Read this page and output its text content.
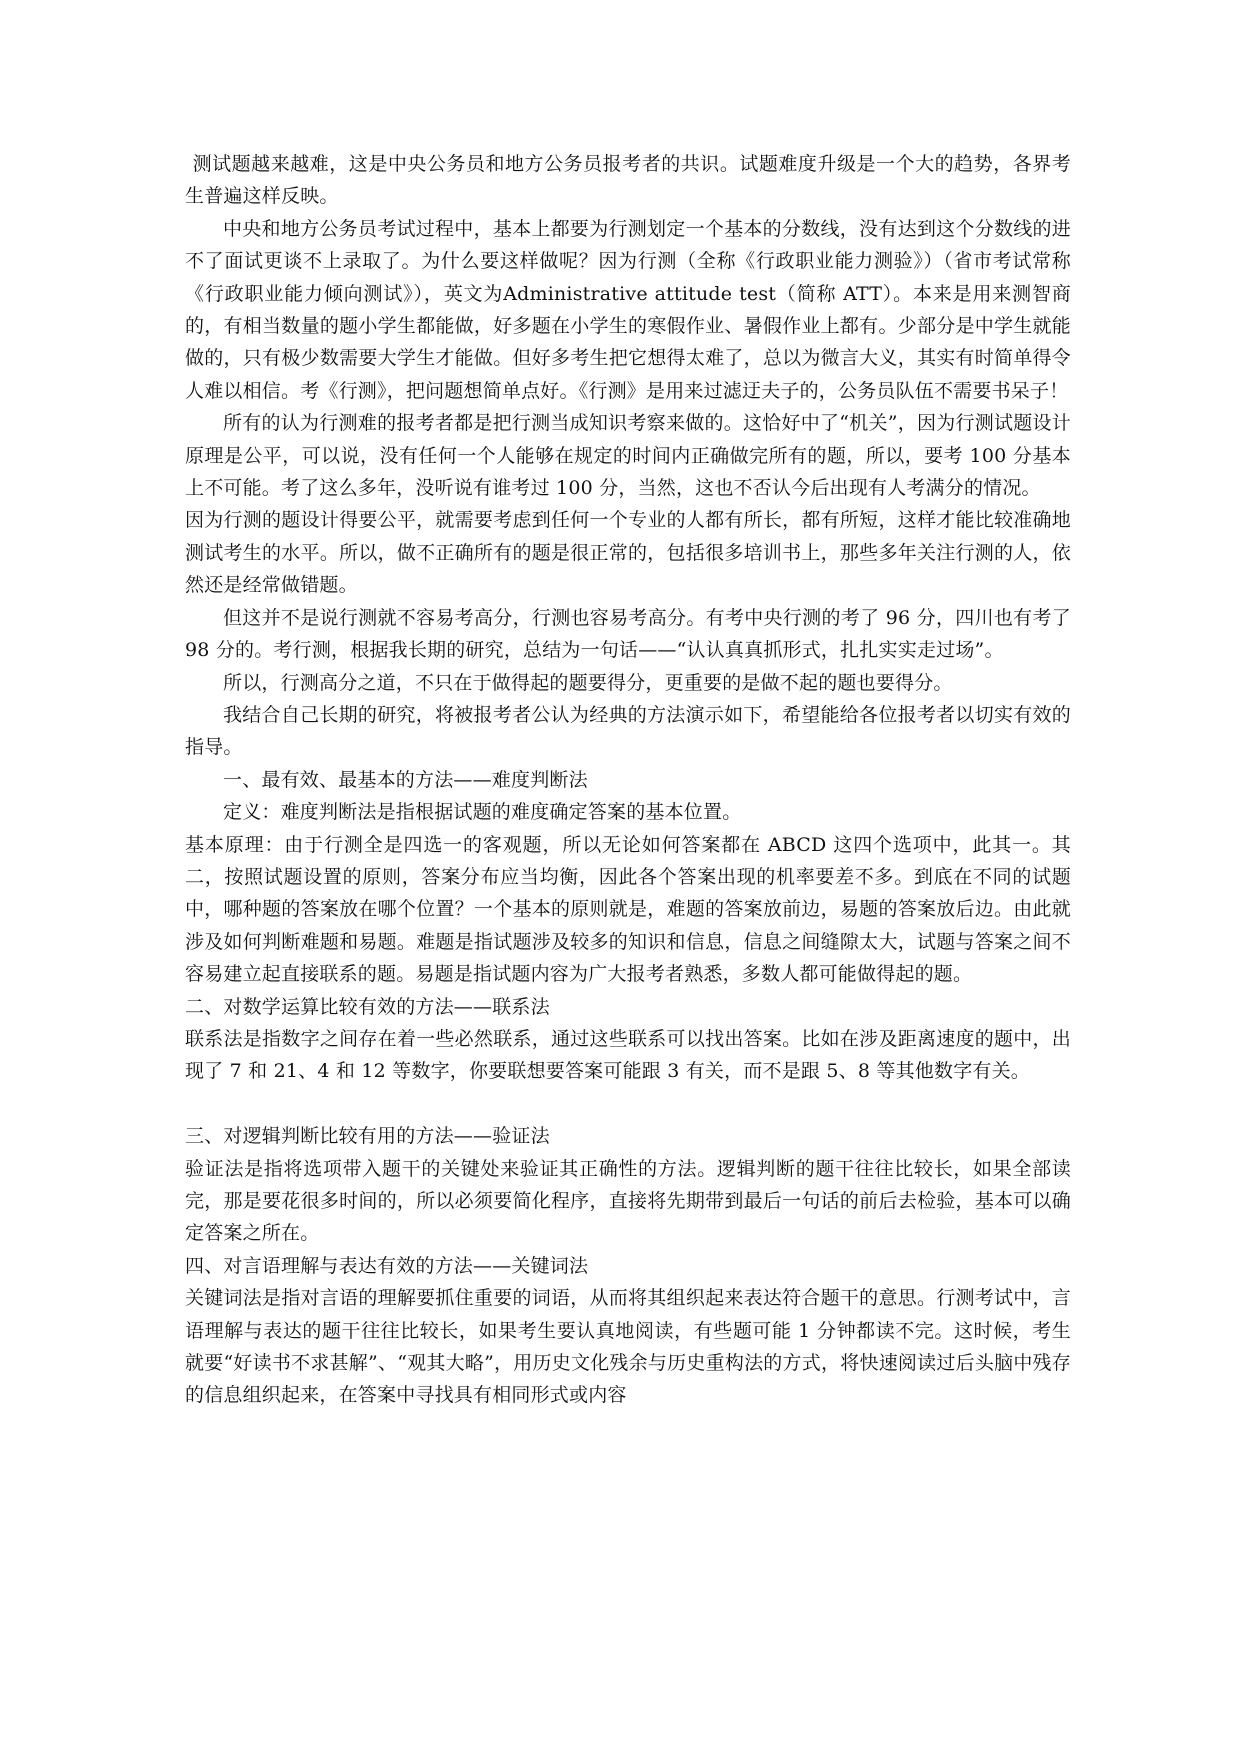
测试题越来越难，这是中央公务员和地方公务员报考者的共识。试题难度升级是一个大的趋势，各界考生普遍这样反映。

中央和地方公务员考试过程中，基本上都要为行测划定一个基本的分数线，没有达到这个分数线的进不了面试更谈不上录取了。为什么要这样做呢？因为行测（全称《行政职业能力测验》）（省市考试常称《行政职业能力倾向测试》），英文为Administrative attitude test（简称 ATT）。本来是用来测智商的，有相当数量的题小学生都能做，好多题在小学生的寒假作业、暑假作业上都有。少部分是中学生就能做的，只有极少数需要大学生才能做。但好多考生把它想得太难了，总以为微言大义，其实有时简单得令人难以相信。考《行测》，把问题想简单点好。《行测》是用来过滤迂夫子的，公务员队伍不需要书呆子！

所有的认为行测难的报考者都是把行测当成知识考察来做的。这恰好中了“机关”，因为行测试题设计原理是公平，可以说，没有任何一个人能够在规定的时间内正确做完所有的题，所以，要考 100 分基本上不可能。考了这么多年，没听说有谁考过 100 分，当然，这也不否认今后出现有人考满分的情况。

因为行测的题设计得要公平，就需要考虑到任何一个专业的人都有所长，都有所短，这样才能比较准确地测试考生的水平。所以，做不正确所有的题是很正常的，包括很多培训书上，那些多年关注行测的人，依然还是经常做错题。

但这并不是说行测就不容易考高分，行测也容易考高分。有考中央行测的考了 96 分，四川也有考了 98 分的。考行测，根据我长期的研究，总结为一句话——“认认真真抓形式，扎扎实实走过场”。

所以，行测高分之道，不只在于做得起的题要得分，更重要的是做不起的题也要得分。

我结合自己长期的研究，将被报考者公认为经典的方法演示如下，希望能给各位报考者以切实有效的指导。

一、最有效、最基本的方法——难度判断法

定义：难度判断法是指根据试题的难度确定答案的基本位置。

基本原理：由于行测全是四选一的客观题，所以无论如何答案都在 ABCD 这四个选项中，此其一。其二，按照试题设置的原则，答案分布应当均衡，因此各个答案出现的机率要差不多。到底在不同的试题中，哪种题的答案放在哪个位置？一个基本的原则就是，难题的答案放前边，易题的答案放后边。由此就涉及如何判断难题和易题。难题是指试题涉及较多的知识和信息，信息之间缝隙太大，试题与答案之间不容易建立起直接联系的题。易题是指试题内容为广大报考者熟悉，多数人都可能做得起的题。

二、对数学运算比较有效的方法——联系法

联系法是指数字之间存在着一些必然联系，通过这些联系可以找出答案。比如在涉及距离速度的题中，出现了 7 和 21、4 和 12 等数字，你要联想要答案可能跟 3 有关，而不是跟 5、8 等其他数字有关。

三、对逻辑判断比较有用的方法——验证法

验证法是指将选项带入题干的关键处来验证其正确性的方法。逻辑判断的题干往往比较长，如果全部读完，那是要花很多时间的，所以必须要简化程序，直接将先期带到最后一句话的前后去检验，基本可以确定答案之所在。

四、对言语理解与表达有效的方法——关键词法

关键词法是指对言语的理解要抓住重要的词语，从而将其组织起来表达符合题干的意思。行测考试中，言语理解与表达的题干往往比较长，如果考生要认真地阅读，有些题可能 1 分钟都读不完。这时候，考生就要“好读书不求甚解”、“观其大略”，用历史文化残余与历史重构法的方式，将快速阅读过后头脑中残存的信息组织起来，在答案中寻找具有相同形式或内容
